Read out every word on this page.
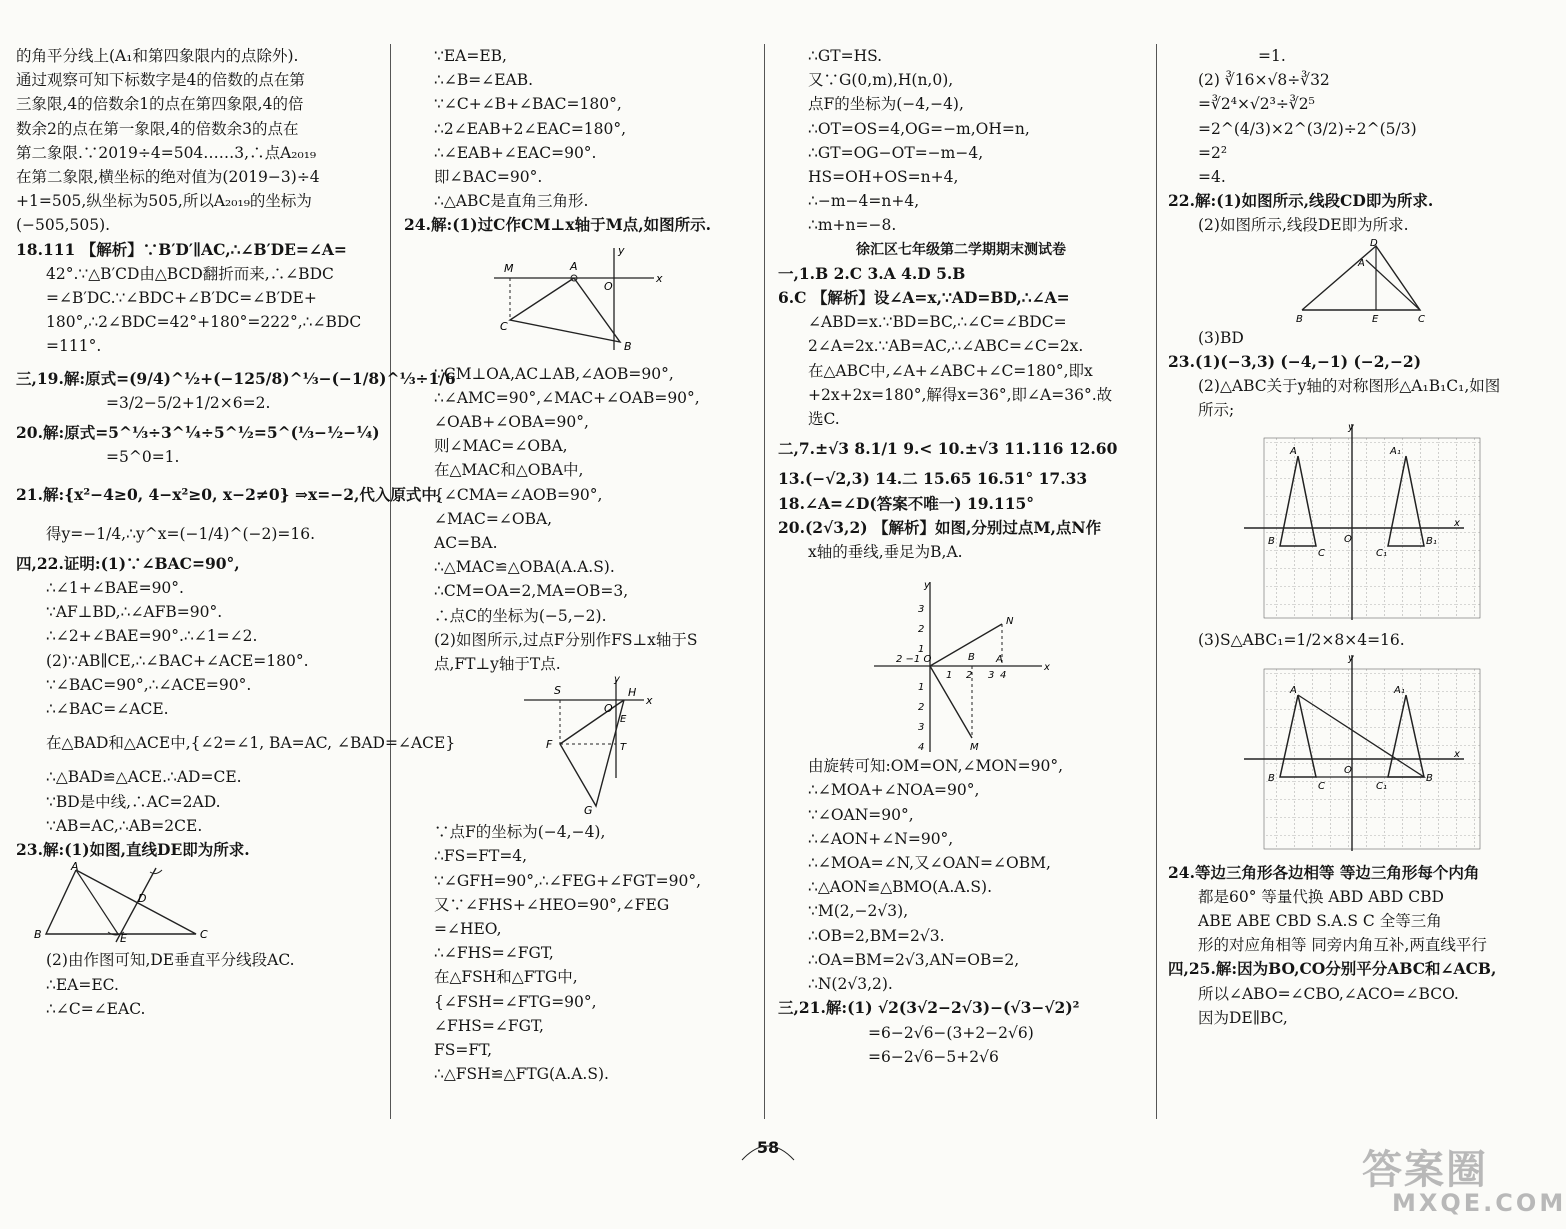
的角平分线上(A₁和第四象限内的点除外).
通过观察可知下标数字是4的倍数的点在第
三象限,4的倍数余1的点在第四象限,4的倍
数余2的点在第一象限,4的倍数余3的点在
第二象限.∵2019÷4=504……3,∴点A₂₀₁₉
在第二象限,横坐标的绝对值为(2019−3)÷4
+1=505,纵坐标为505,所以A₂₀₁₉的坐标为
(−505,505).
18.111 【解析】∵B′D′∥AC,∴∠B′DE=∠A=
42°.∵△B′CD由△BCD翻折而来,∴∠BDC
=∠B′DC.∵∠BDC+∠B′DC=∠B′DE+
180°,∴2∠BDC=42°+180°=222°,∴∠BDC
=111°.
三,19.解:原式=(9/4)^½+(−125/8)^⅓−(−1/8)^⅓÷1/6
=3/2−5/2+1/2×6=2.
20.解:原式=5^⅓÷3^¼÷5^½=5^(⅓−½−¼)
=5^0=1.
21.解:{x²−4≥0, 4−x²≥0, x−2≠0} ⇒x=−2,代入原式中,
得y=−1/4,∴y^x=(−1/4)^(−2)=16.
四,22.证明:(1)∵∠BAC=90°,
∴∠1+∠BAE=90°.
∵AF⊥BD,∴∠AFB=90°.
∴∠2+∠BAE=90°.∴∠1=∠2.
(2)∵AB∥CE,∴∠BAC+∠ACE=180°.
∵∠BAC=90°,∴∠ACE=90°.
∴∠BAC=∠ACE.
在△BAD和△ACE中,{∠2=∠1, BA=AC, ∠BAD=∠ACE}
∴△BAD≌△ACE.∴AD=CE.
∵BD是中线,∴AC=2AD.
∵AB=AC,∴AB=2CE.
23.解:(1)如图,直线DE即为所求.
A
B	C
D
E
(2)由作图可知,DE垂直平分线段AC.
∴EA=EC.
∴∠C=∠EAC.
∵EA=EB,
∴∠B=∠EAB.
∵∠C+∠B+∠BAC=180°,
∴2∠EAB+2∠EAC=180°,
∴∠EAB+∠EAC=90°.
即∠BAC=90°.
∴△ABC是直角三角形.
24.解:(1)过C作CM⊥x轴于M点,如图所示.
M	A
O
y
x
C
B
∵CM⊥OA,AC⊥AB,∠AOB=90°,
∴∠AMC=90°,∠MAC+∠OAB=90°,
∠OAB+∠OBA=90°,
则∠MAC=∠OBA,
在△MAC和△OBA中,
{∠CMA=∠AOB=90°,
∠MAC=∠OBA,
AC=BA.
∴△MAC≌△OBA(A.A.S).
∴CM=OA=2,MA=OB=3,
∴点C的坐标为(−5,−2).
(2)如图所示,过点F分别作FS⊥x轴于S
点,FT⊥y轴于T点.
S
y
O
H
x
E
T
F
G
∵点F的坐标为(−4,−4),
∴FS=FT=4,
∵∠GFH=90°,∴∠FEG+∠FGT=90°,
又∵∠FHS+∠HEO=90°,∠FEG
=∠HEO,
∴∠FHS=∠FGT,
在△FSH和△FTG中,
{∠FSH=∠FTG=90°,
∠FHS=∠FGT,
FS=FT,
∴△FSH≌△FTG(A.A.S).
∴GT=HS.
又∵G(0,m),H(n,0),
点F的坐标为(−4,−4),
∴OT=OS=4,OG=−m,OH=n,
∴GT=OG−OT=−m−4,
HS=OH+OS=n+4,
∴−m−4=n+4,
∴m+n=−8.
徐汇区七年级第二学期期末测试卷
一,1.B 2.C 3.A 4.D 5.B
6.C 【解析】设∠A=x,∵AD=BD,∴∠A=
∠ABD=x.∵BD=BC,∴∠C=∠BDC=
2∠A=2x.∵AB=AC,∴∠ABC=∠C=2x.
在△ABC中,∠A+∠ABC+∠C=180°,即x
+2x+2x=180°,解得x=36°,即∠A=36°.故
选C.
二,7.±√3 8.1/1 9.< 10.±√3 11.116 12.60
13.(−√2,3) 14.二 15.65 16.51° 17.33
18.∠A=∠D(答案不唯一) 19.115°
20.(2√3,2) 【解析】如图,分别过点M,点N作
x轴的垂线,垂足为B,A.
y
x
3
2
1
1
2
3
4
2 −1 O
1 2 3 4
N
B A
M
由旋转可知:OM=ON,∠MON=90°,
∴∠MOA+∠NOA=90°,
∵∠OAN=90°,
∴∠AON+∠N=90°,
∴∠MOA=∠N,又∠OAN=∠OBM,
∴△AON≌△BMO(A.A.S).
∵M(2,−2√3),
∴OB=2,BM=2√3.
∴OA=BM=2√3,AN=OB=2,
∴N(2√3,2).
三,21.解:(1) √2(3√2−2√3)−(√3−√2)²
=6−2√6−(3+2−2√6)
=6−2√6−5+2√6
=1.
(2) ∛16×√8÷∛32
=∛2⁴×√2³÷∛2⁵
=2^(4/3)×2^(3/2)÷2^(5/3)
=2²
=4.
22.解:(1)如图所示,线段CD即为所求.
(2)如图所示,线段DE即为所求.
D
A
B	E	C
(3)BD
23.(1)(−3,3) (−4,−1) (−2,−2)
(2)△ABC关于y轴的对称图形△A₁B₁C₁,如图
所示;
y
x
A	A₁
B	B₁
C	C₁
O
(3)S△ABC₁=1/2×8×4=16.
y
x
A	A₁
B	B
C	C₁
O
24.等边三角形各边相等 等边三角形每个内角
都是60° 等量代换 ABD ABD CBD
ABE ABE CBD S.A.S C 全等三角
形的对应角相等 同旁内角互补,两直线平行
四,25.解:因为BO,CO分别平分ABC和∠ACB,
所以∠ABO=∠CBO,∠ACO=∠BCO.
因为DE∥BC,
58	答案圈
MXQE.COM
